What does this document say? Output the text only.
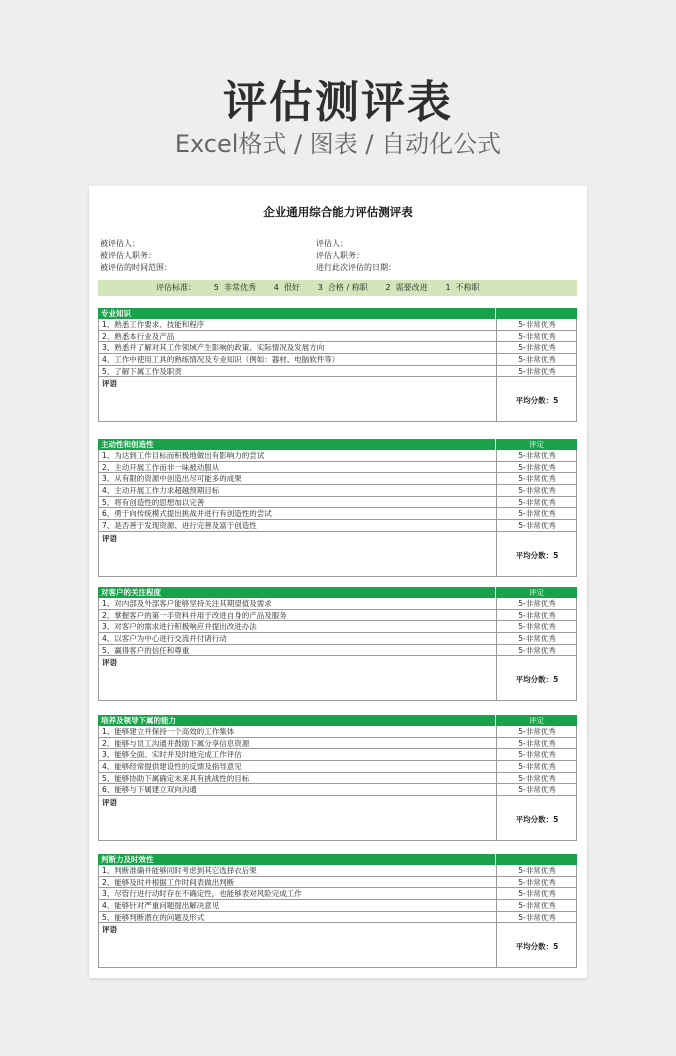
评估测评表
Excel格式 / 图表 / 自动化公式
企业通用综合能力评估测评表
被评估人：
被评估人职务：
被评估的时间范围：
评估人：
评估人职务：
进行此次评估的日期：
评估标准：       5  非常优秀       4  很好       3  合格 / 称职       2  需要改进       1  不称职
专业知识
1、熟悉工作要求、技能和程序	5-非常优秀
2、熟悉本行业及产品	5-非常优秀
3、熟悉并了解对其工作领域产生影响的政策、实际情况及发展方向	5-非常优秀
4、工作中使用工具的熟练情况及专业知识（例如：器材、电脑软件等）	5-非常优秀
5、了解下属工作及职责	5-非常优秀
评语
平均分数：5
主动性和创造性	评定
1、为达到工作目标而积极地做出有影响力的尝试	5-非常优秀
2、主动开展工作而非一味被动服从	5-非常优秀
3、从有限的资源中创造出尽可能多的成果	5-非常优秀
4、主动开展工作力求超越预期目标	5-非常优秀
5、将有创造性的思想加以完善	5-非常优秀
6、勇于向传统模式提出挑战并进行有创造性的尝试	5-非常优秀
7、是否善于发现资源、进行完善及富于创造性	5-非常优秀
评语
平均分数：5
对客户的关注程度	评定
1、对内部及外部客户能够坚持关注其期望值及需求	5-非常优秀
2、掌握客户的第一手资料并用于改进自身的产品及服务	5-非常优秀
3、对客户的需求进行积极响应并提出改进办法	5-非常优秀
4、以客户为中心进行交流并付诸行动	5-非常优秀
5、赢得客户的信任和尊重	5-非常优秀
评语
平均分数：5
培养及领导下属的能力	评定
1、能够建立并保持一个高效的工作集体	5-非常优秀
2、能够与员工沟通并鼓励下属分享信息资源	5-非常优秀
3、能够全面、实时并及时地完成工作评估	5-非常优秀
4、能够经常提供建设性的反馈及指导意见	5-非常优秀
5、能够协助下属确定未来具有挑战性的目标	5-非常优秀
6、能够与下属建立双向沟通	5-非常优秀
评语
平均分数：5
判断力及时效性
1、判断准确并能够同时考虑到其它选择衣后果	5-非常优秀
2、能够及时并根据工作时间表做出判断	5-非常优秀
3、尽管行进行动时存在不确定性，也能够表对风险完成工作	5-非常优秀
4、能够针对严重问题提出解决意见	5-非常优秀
5、能够判断潜在的问题及形式	5-非常优秀
评语
平均分数：5
